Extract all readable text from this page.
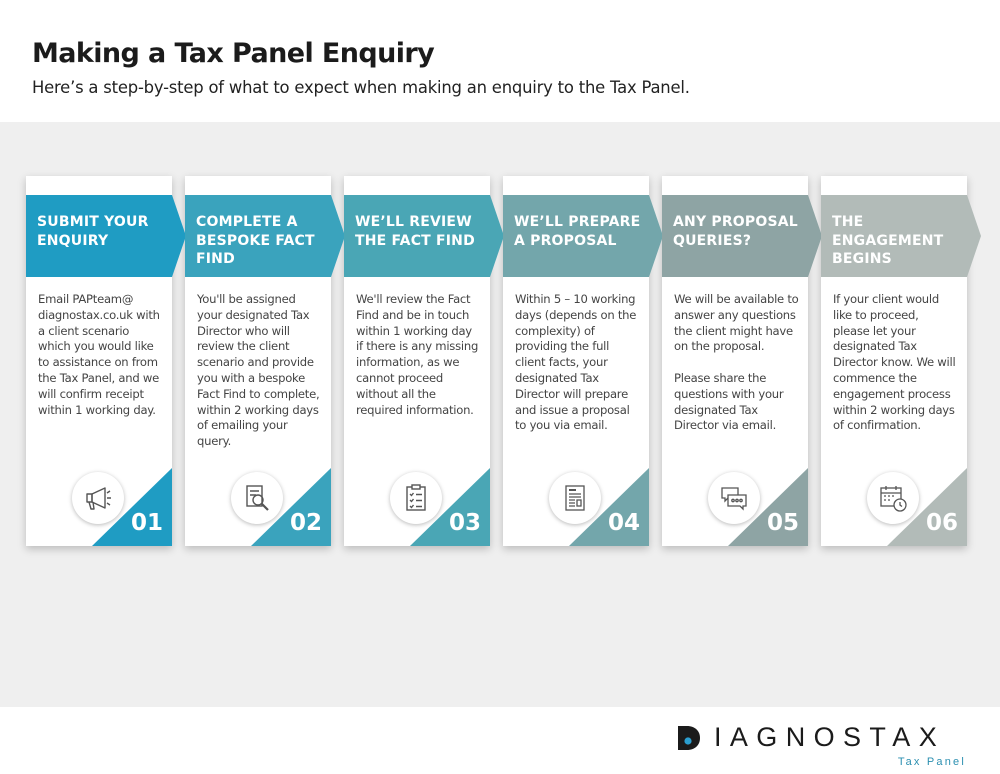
Making a Tax Panel Enquiry

Here’s a step-by-step of what to expect when making an enquiry to the Tax Panel.

SUBMIT YOUR ENQUIRY
Email PAPteam@ diagnostax.co.uk with a client scenario which you would like to assistance on from the Tax Panel, and we will confirm receipt within 1 working day.
01
COMPLETE A BESPOKE FACT FIND
You'll be assigned your designated Tax Director who will review the client scenario and provide you with a bespoke Fact Find to complete, within 2 working days of emailing your query.
02
WE’LL REVIEW THE FACT FIND
We'll review the Fact Find and be in touch within 1 working day if there is any missing information, as we cannot proceed without all the required information.
03
WE’LL PREPARE A PROPOSAL
Within 5 – 10 working days (depends on the complexity) of providing the full client facts, your designated Tax Director will prepare and issue a proposal to you via email.
04
ANY PROPOSAL QUERIES?
We will be available to answer any questions the client might have on the proposal.

Please share the questions with your designated Tax Director via email.
05
THE ENGAGEMENT BEGINS
If your client would like to proceed, please let your designated Tax Director know. We will commence the engagement process within 2 working days of confirmation.
06
IAGNOSTAX
Tax Panel
